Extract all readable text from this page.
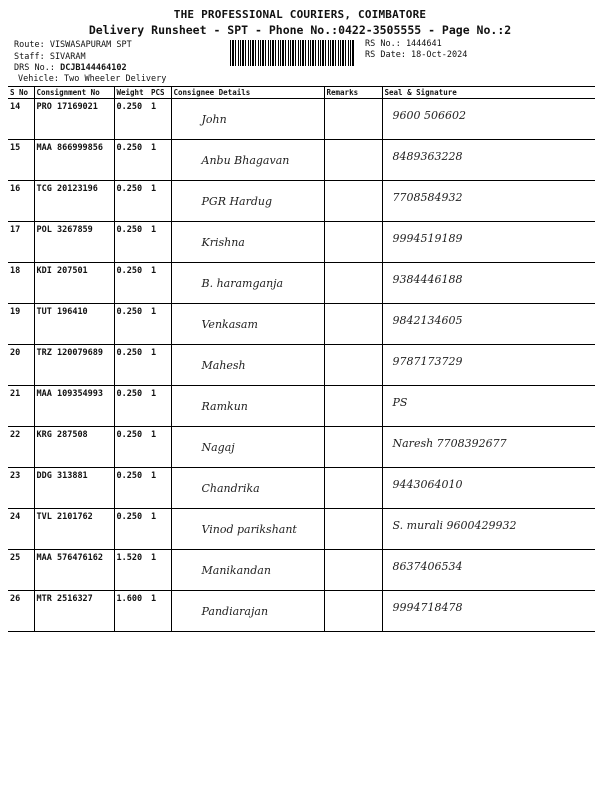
THE PROFESSIONAL COURIERS, COIMBATORE
Delivery Runsheet - SPT - Phone No.:0422-3505555 - Page No.:2
Route: VISWASAPURAM SPT
Staff: SIVARAM
DRS No.: DCJB144464102
Vehicle: Two Wheeler Delivery
RS No.: 1444641
RS Date: 18-Oct-2024
S No	Consignment No	Weight	PCS	Consignee Details	Remarks	Seal & Signature
14	PRO 17169021	0.250	1	John		9600 506602

15	MAA 866999856	0.250	1	Anbu Bhagavan		8489363228

16	TCG 20123196	0.250	1	PGR Hardug		7708584932

17	POL 3267859	0.250	1	Krishna		9994519189

18	KDI 207501	0.250	1	B. haramganja		9384446188

19	TUT 196410	0.250	1	Venkasam		9842134605

20	TRZ 120079689	0.250	1	Mahesh		9787173729

21	MAA 109354993	0.250	1	Ramkun		PS

22	KRG 287508	0.250	1	Nagaj		Naresh 7708392677

23	DDG 313881	0.250	1	Chandrika		9443064010

24	TVL 2101762	0.250	1	Vinod parikshant		S. murali 9600429932

25	MAA 576476162	1.520	1	Manikandan		8637406534

26	MTR 2516327	1.600	1	Pandiarajan		9994718478
